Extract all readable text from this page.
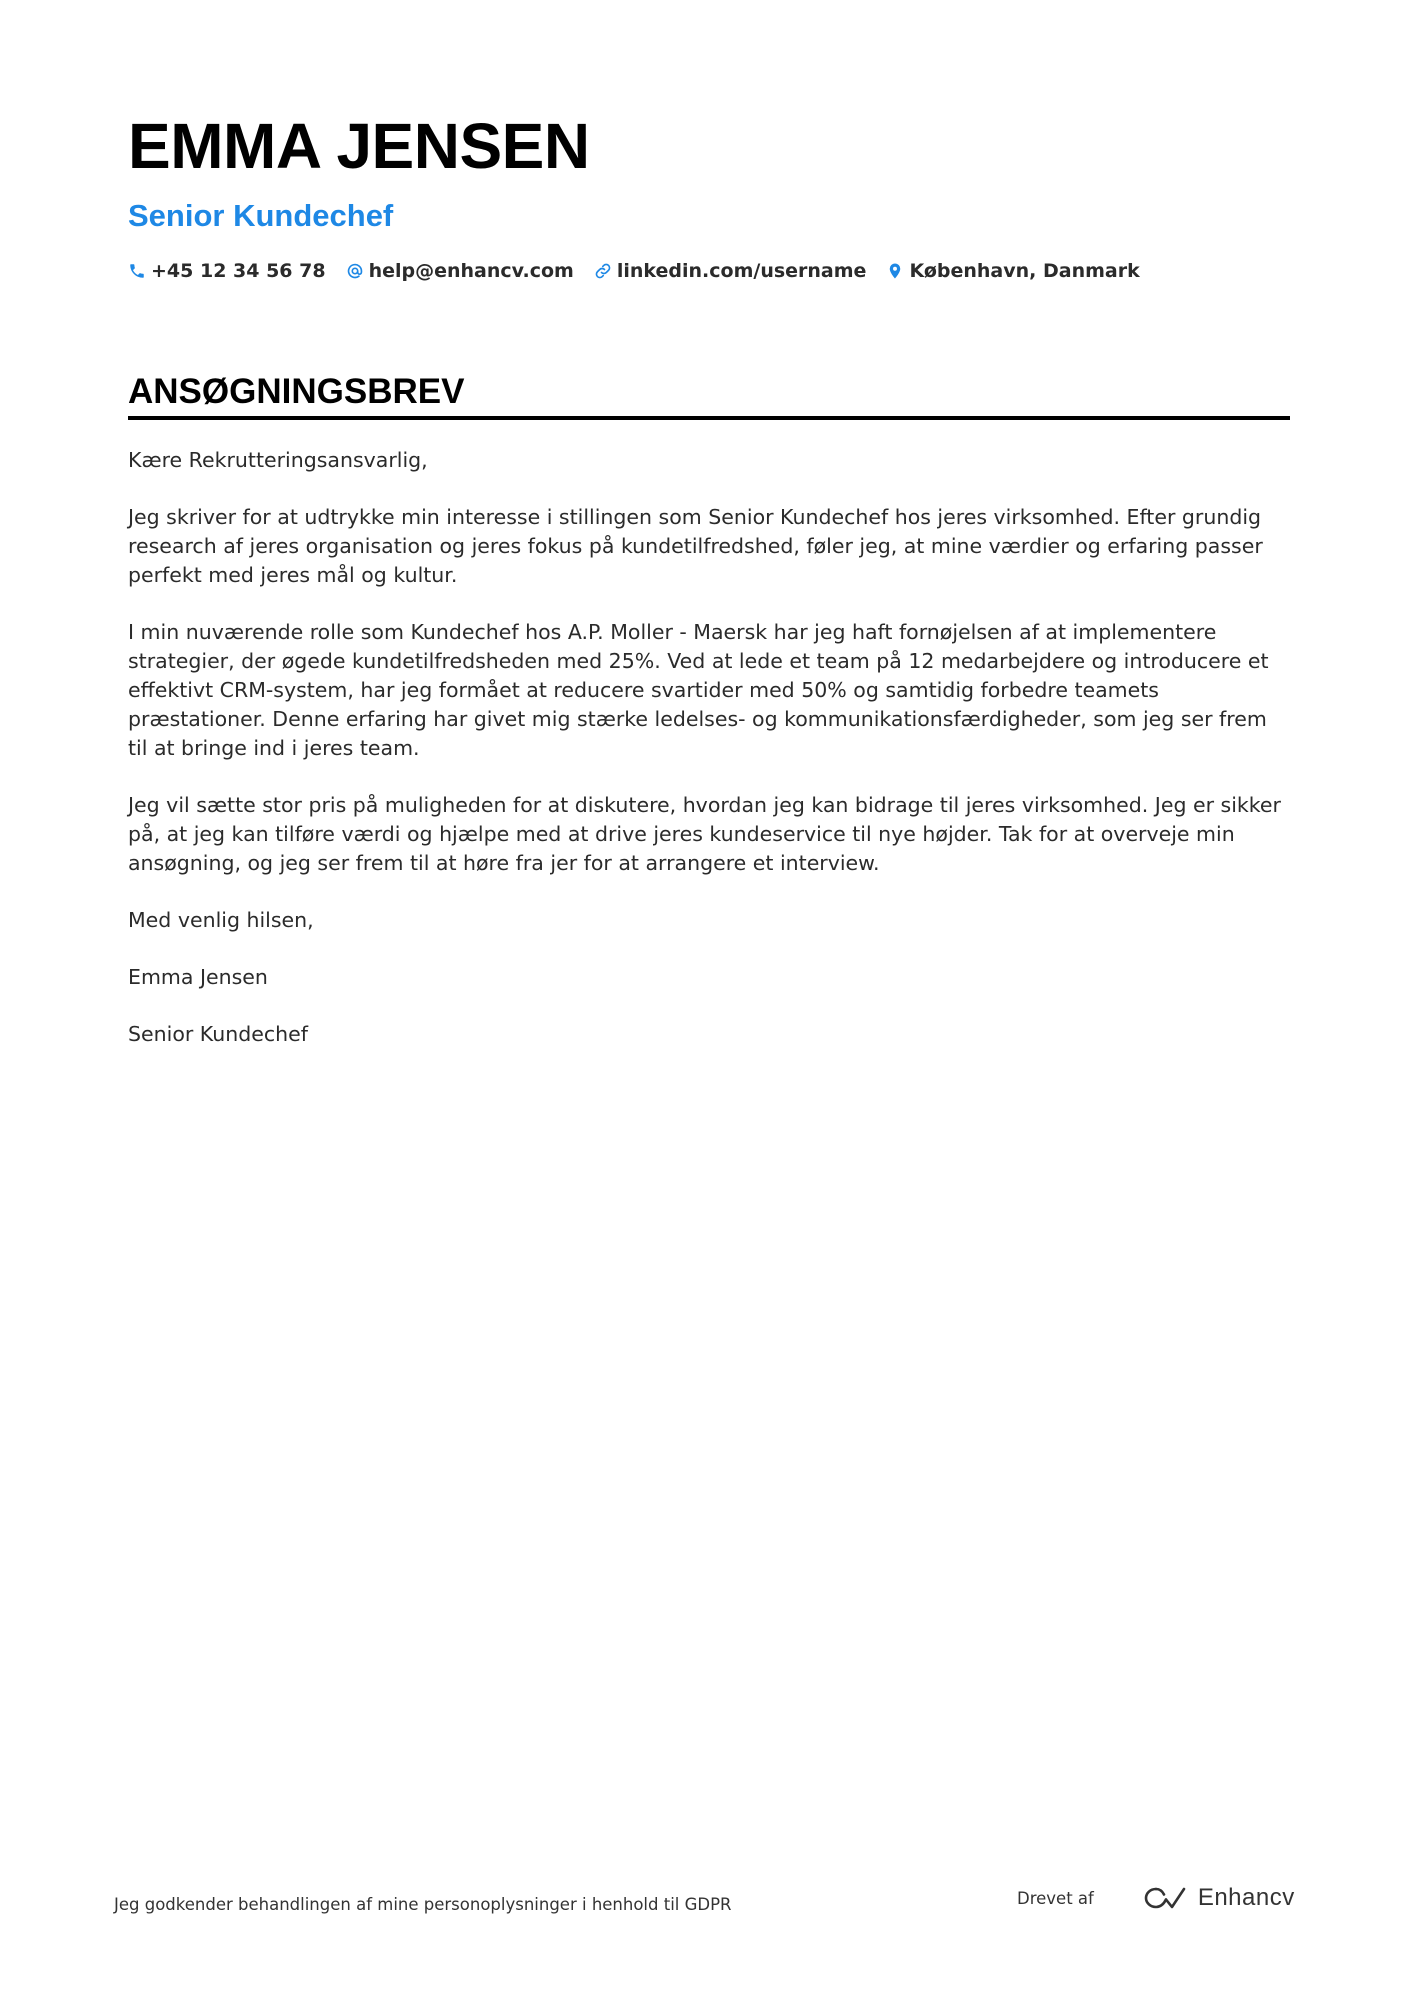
EMMA JENSEN
Senior Kundechef
+45 12 34 56 78 help@enhancv.com linkedin.com/username København, Danmark
ANSØGNINGSBREV

Kære Rekrutteringsansvarlig,

Jeg skriver for at udtrykke min interesse i stillingen som Senior Kundechef hos jeres virksomhed. Efter grundig research af jeres organisation og jeres fokus på kundetilfredshed, føler jeg, at mine værdier og erfaring passer perfekt med jeres mål og kultur.

I min nuværende rolle som Kundechef hos A.P. Moller - Maersk har jeg haft fornøjelsen af at implementere strategier, der øgede kundetilfredsheden med 25%. Ved at lede et team på 12 medarbejdere og introducere et effektivt CRM-system, har jeg formået at reducere svartider med 50% og samtidig forbedre teamets præstationer. Denne erfaring har givet mig stærke ledelses- og kommunikationsfærdigheder, som jeg ser frem til at bringe ind i jeres team.

Jeg vil sætte stor pris på muligheden for at diskutere, hvordan jeg kan bidrage til jeres virksomhed. Jeg er sikker på, at jeg kan tilføre værdi og hjælpe med at drive jeres kundeservice til nye højder. Tak for at overveje min ansøgning, og jeg ser frem til at høre fra jer for at arrangere et interview.

Med venlig hilsen,

Emma Jensen

Senior Kundechef

Jeg godkender behandlingen af mine personoplysninger i henhold til GDPR	Drevet af	Enhancv
